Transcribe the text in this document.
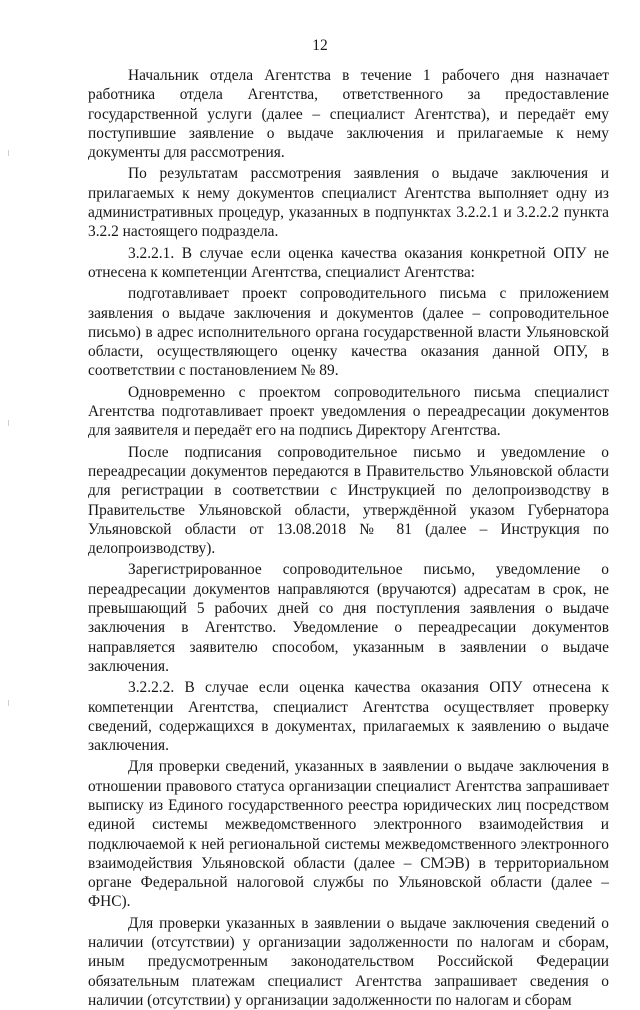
12

Начальник отдела Агентства в течение 1 рабочего дня назначает работника отдела Агентства, ответственного за предоставление государственной услуги (далее – специалист Агентства), и передаёт ему поступившие заявление о выдаче заключения и прилагаемые к нему документы для рассмотрения.

По результатам рассмотрения заявления о выдаче заключения и прилагаемых к нему документов специалист Агентства выполняет одну из административных процедур, указанных в подпунктах 3.2.2.1 и 3.2.2.2 пункта 3.2.2 настоящего подраздела.

3.2.2.1. В случае если оценка качества оказания конкретной ОПУ не отнесена к компетенции Агентства, специалист Агентства:

подготавливает проект сопроводительного письма с приложением заявления о выдаче заключения и документов (далее – сопроводительное письмо) в адрес исполнительного органа государственной власти Ульяновской области, осуществляющего оценку качества оказания данной ОПУ, в соответствии с постановлением № 89.

Одновременно с проектом сопроводительного письма специалист Агентства подготавливает проект уведомления о переадресации документов для заявителя и передаёт его на подпись Директору Агентства.

После подписания сопроводительное письмо и уведомление о переадресации документов передаются в Правительство Ульяновской области для регистрации в соответствии с Инструкцией по делопроизводству в Правительстве Ульяновской области, утверждённой указом Губернатора Ульяновской области от 13.08.2018 № 81 (далее – Инструкция по делопроизводству).

Зарегистрированное сопроводительное письмо, уведомление о переадресации документов направляются (вручаются) адресатам в срок, не превышающий 5 рабочих дней со дня поступления заявления о выдаче заключения в Агентство. Уведомление о переадресации документов направляется заявителю способом, указанным в заявлении о выдаче заключения.

3.2.2.2. В случае если оценка качества оказания ОПУ отнесена к компетенции Агентства, специалист Агентства осуществляет проверку сведений, содержащихся в документах, прилагаемых к заявлению о выдаче заключения.

Для проверки сведений, указанных в заявлении о выдаче заключения в отношении правового статуса организации специалист Агентства запрашивает выписку из Единого государственного реестра юридических лиц посредством единой системы межведомственного электронного взаимодействия и подключаемой к ней региональной системы межведомственного электронного взаимодействия Ульяновской области (далее – СМЭВ) в территориальном органе Федеральной налоговой службы по Ульяновской области (далее – ФНС).

Для проверки указанных в заявлении о выдаче заключения сведений о наличии (отсутствии) у организации задолженности по налогам и сборам, иным предусмотренным законодательством Российской Федерации обязательным платежам специалист Агентства запрашивает сведения о наличии (отсутствии) у организации задолженности по налогам и сборам
